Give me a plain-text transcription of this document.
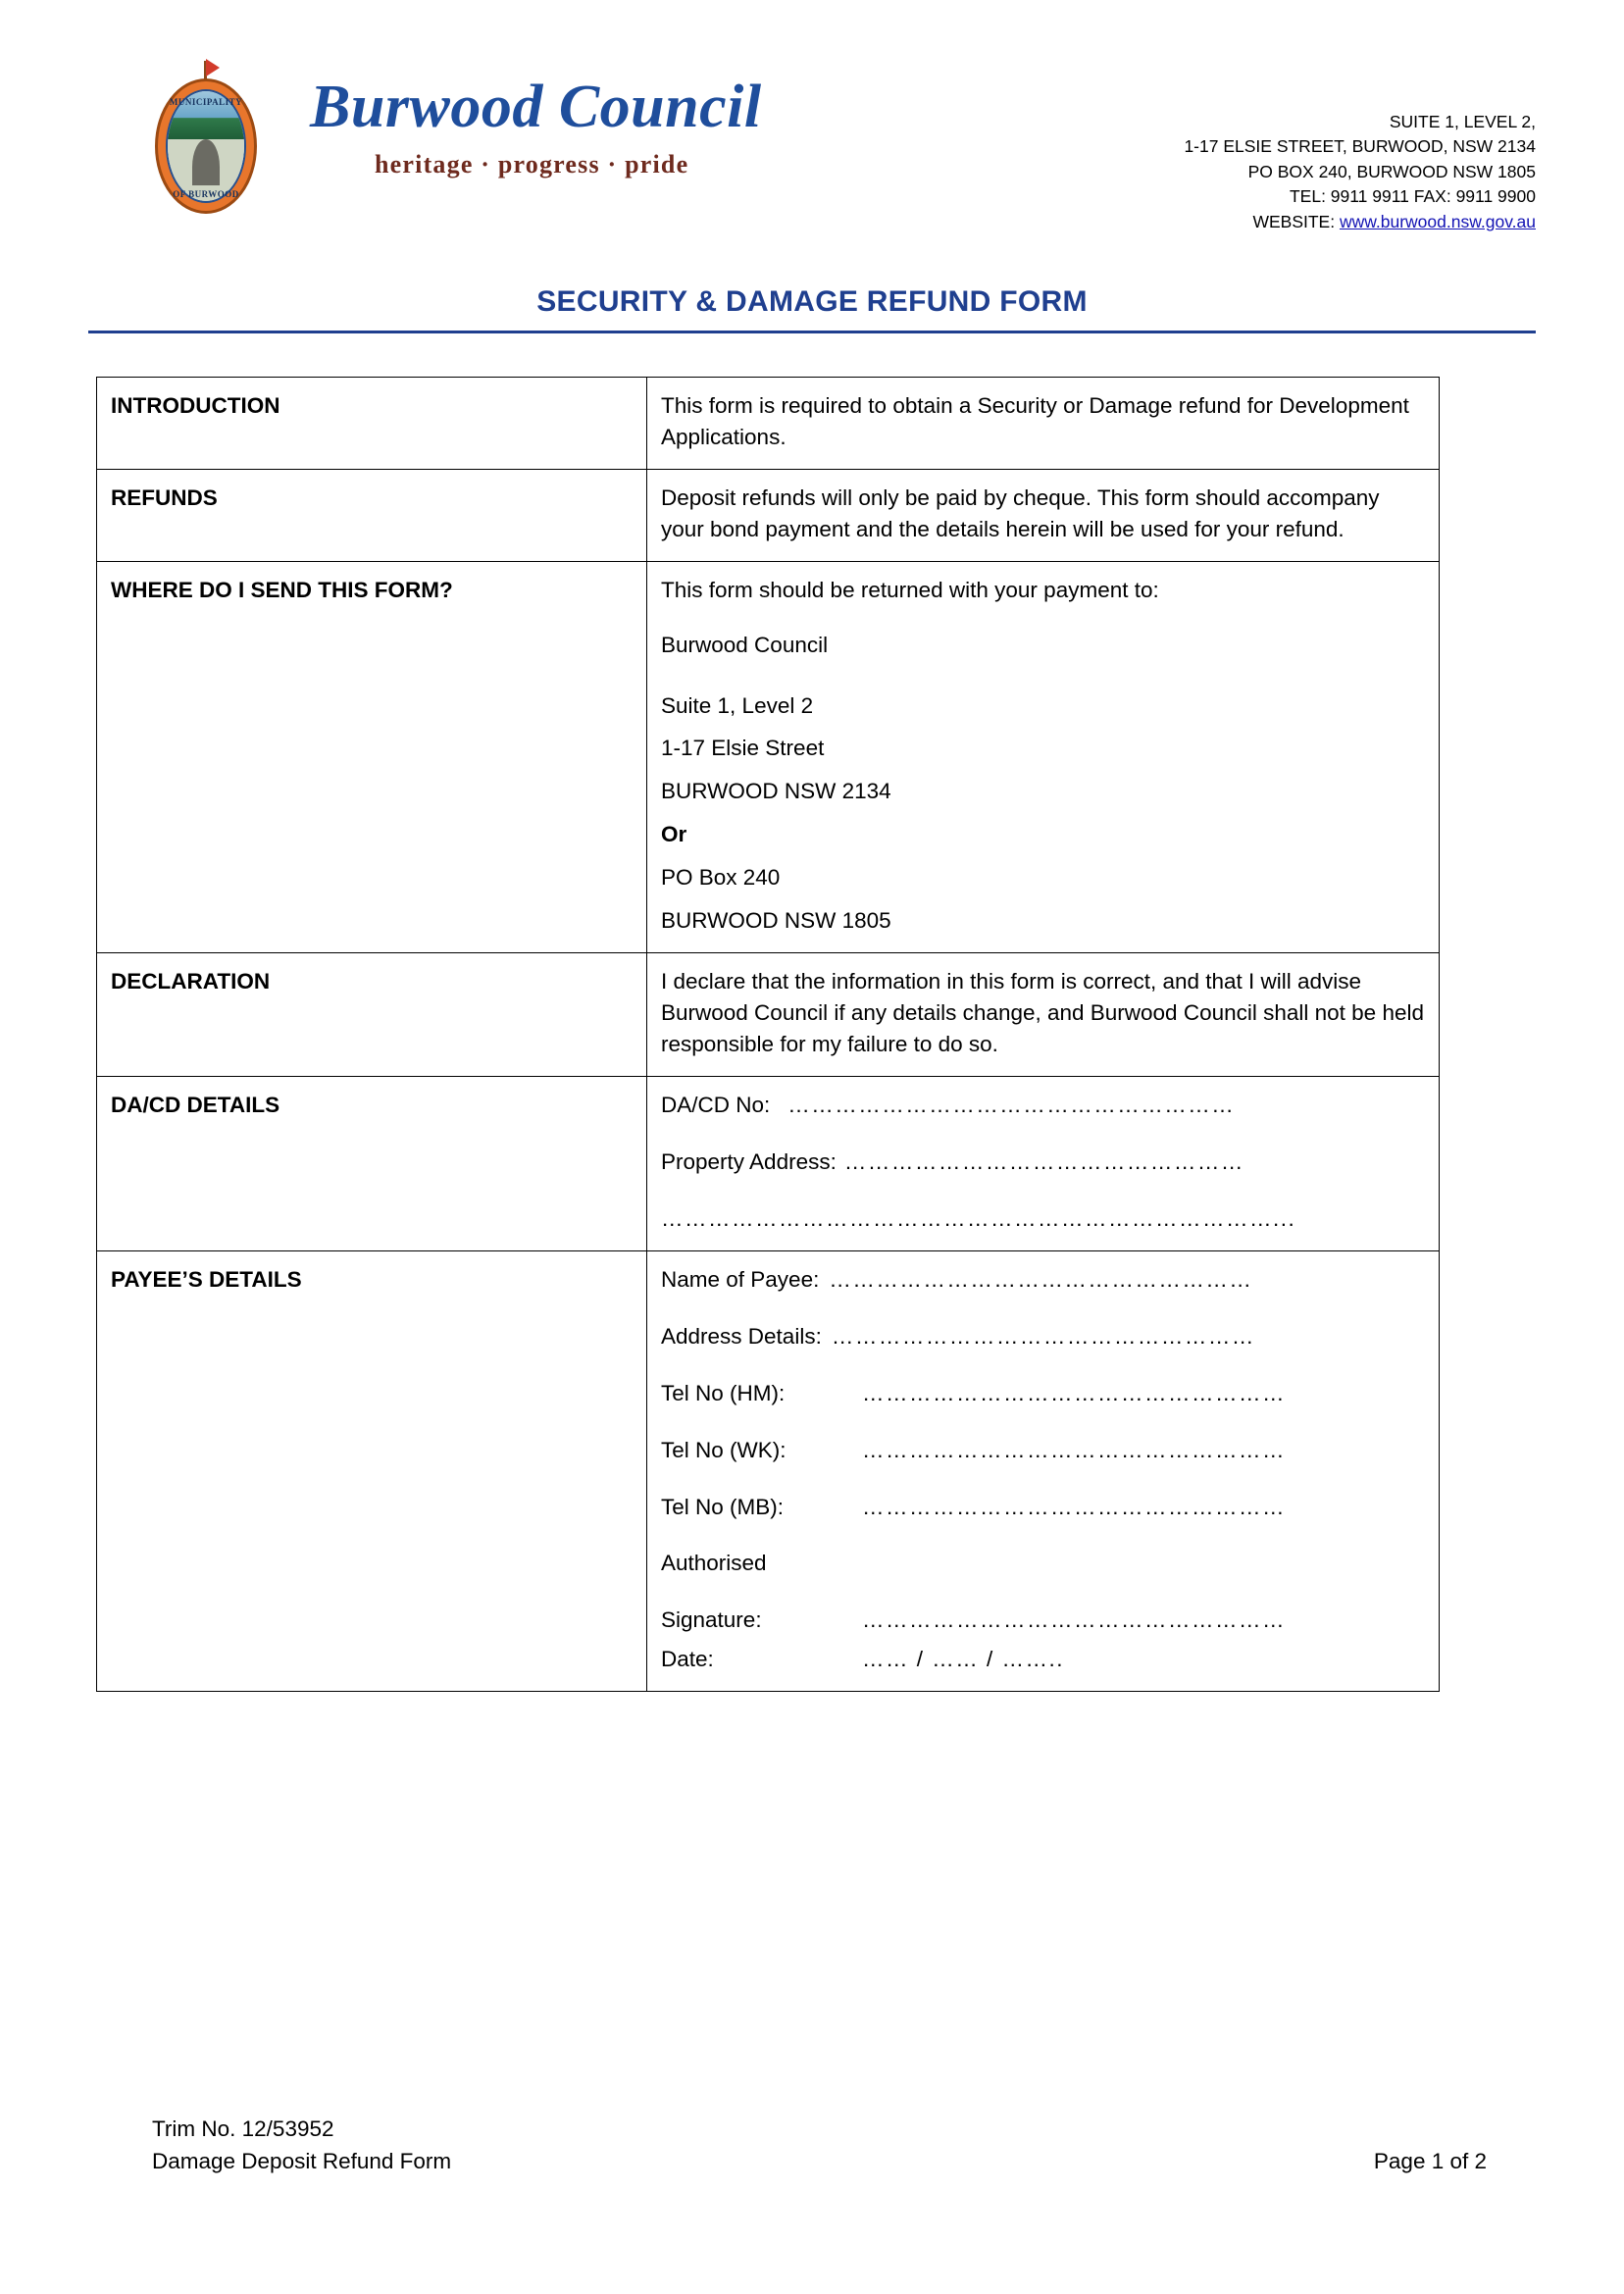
MUNICIPALITY
OF BURWOOD
Burwood Council
heritage · progress · pride
SUITE 1, LEVEL 2,
1-17 ELSIE STREET, BURWOOD, NSW 2134
PO BOX 240, BURWOOD NSW 1805
TEL: 9911 9911 FAX: 9911 9900
WEBSITE: www.burwood.nsw.gov.au
SECURITY & DAMAGE REFUND FORM
INTRODUCTION	This form is required to obtain a Security or Damage refund for Development Applications.
REFUNDS	Deposit refunds will only be paid by cheque. This form should accompany your bond payment and the details herein will be used for your refund.
WHERE DO I SEND THIS FORM?	This form should be returned with your payment to:

Burwood Council

Suite 1, Level 2

1-17 Elsie Street

BURWOOD NSW 2134

Or

PO Box 240

BURWOOD NSW 1805

DECLARATION	I declare that the information in this form is correct, and that I will advise Burwood Council if any details change, and Burwood Council shall not be held responsible for my failure to do so.
DA/CD DETAILS	DA/CD No: …………………………………………………
Property Address: ……………………………………………
……………………………………………………………………...

PAYEE’S DETAILS	Name of Payee: ………………………………………………
Address Details: ………………………………………………
Tel No (HM):	………………………………………………
Tel No (WK):	………………………………………………
Tel No (MB):	………………………………………………
Authorised
Signature:	………………………………………………
Date:	…… / …… / ……..
Trim No. 12/53952
Damage Deposit Refund Form	Page 1 of 2
